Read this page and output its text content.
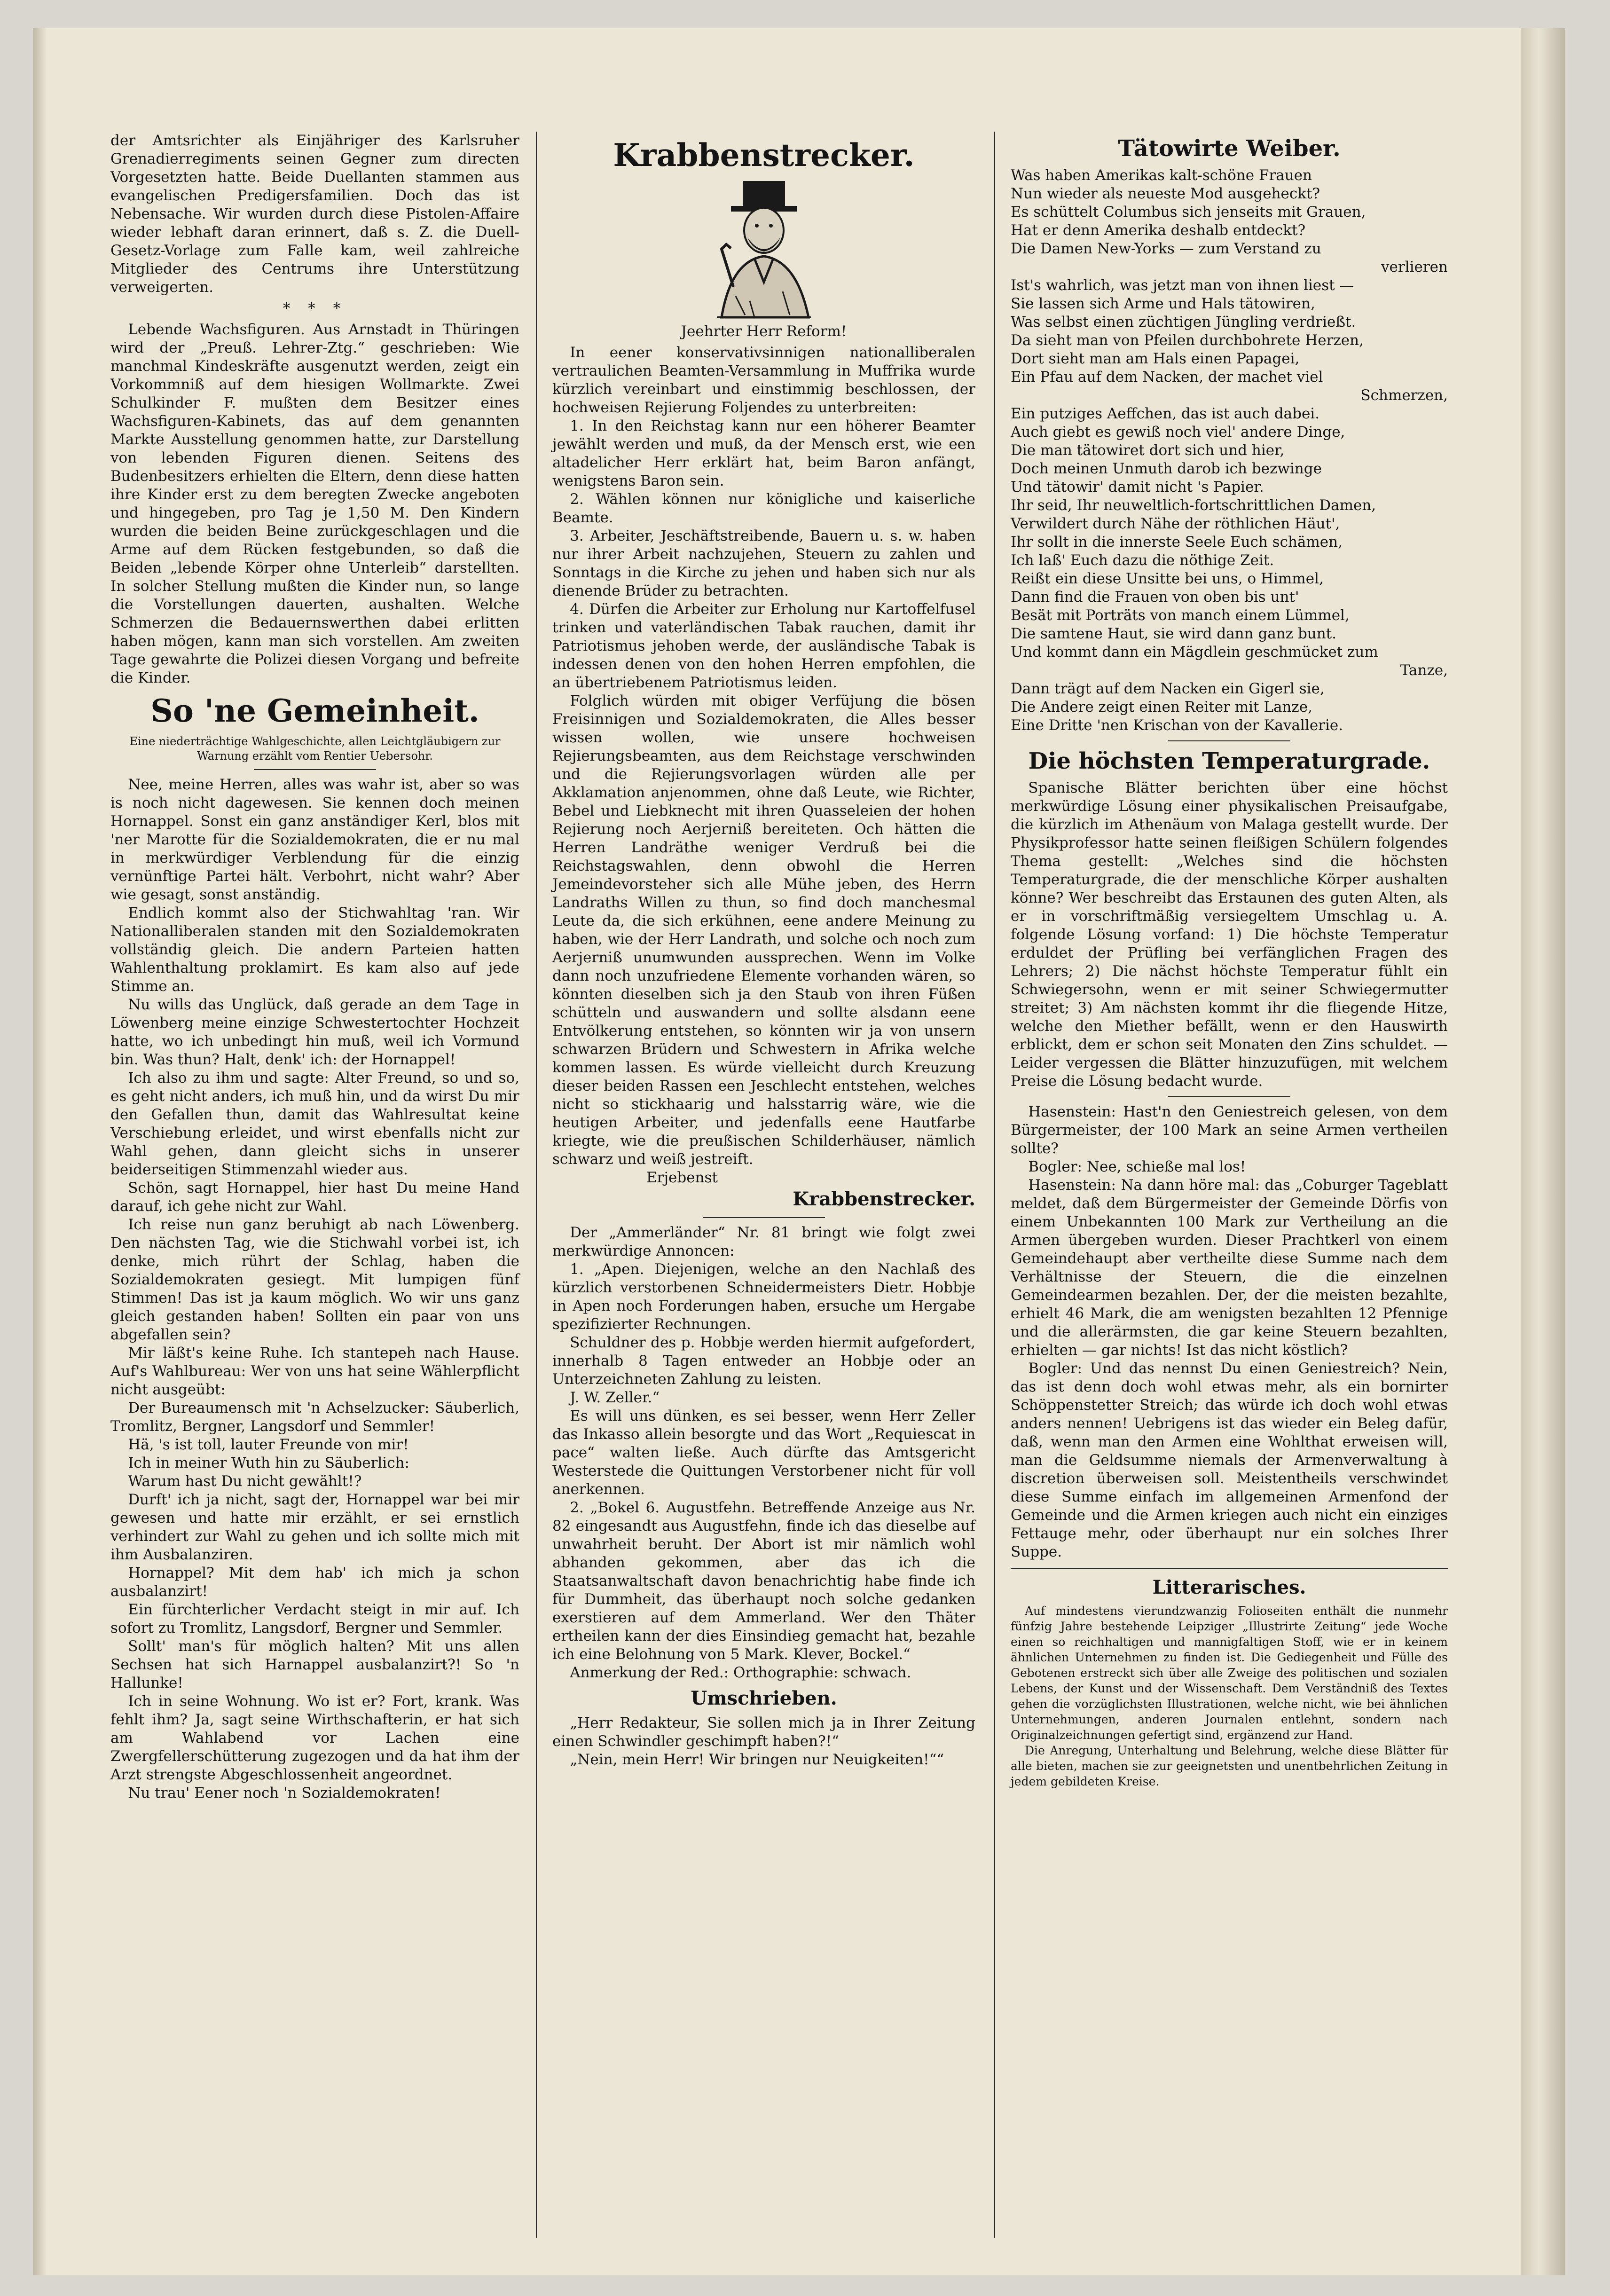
der Amtsrichter als Einjähriger des Karlsruher Grenadierregiments seinen Gegner zum directen Vorgesetzten hatte. Beide Duellanten stammen aus evangelischen Predigersfamilien. Doch das ist Nebensache. Wir wurden durch diese Pistolen-Affaire wieder lebhaft daran erinnert, daß s. Z. die Duell-Gesetz-Vorlage zum Falle kam, weil zahlreiche Mitglieder des Centrums ihre Unterstützung verweigerten.

* * *

Lebende Wachsfiguren. Aus Arnstadt in Thüringen wird der „Preuß. Lehrer-Ztg.“ geschrieben: Wie manchmal Kindeskräfte ausgenutzt werden, zeigt ein Vorkommniß auf dem hiesigen Wollmarkte. Zwei Schulkinder F. mußten dem Besitzer eines Wachsfiguren-Kabinets, das auf dem genannten Markte Ausstellung genommen hatte, zur Darstellung von lebenden Figuren dienen. Seitens des Budenbesitzers erhielten die Eltern, denn diese hatten ihre Kinder erst zu dem beregten Zwecke angeboten und hingegeben, pro Tag je 1,50 M. Den Kindern wurden die beiden Beine zurückgeschlagen und die Arme auf dem Rücken festgebunden, so daß die Beiden „lebende Körper ohne Unterleib“ darstellten. In solcher Stellung mußten die Kinder nun, so lange die Vorstellungen dauerten, aushalten. Welche Schmerzen die Bedauernswerthen dabei erlitten haben mögen, kann man sich vorstellen. Am zweiten Tage gewahrte die Polizei diesen Vorgang und befreite die Kinder.

So 'ne Gemeinheit.
Eine niederträchtige Wahlgeschichte, allen Leichtgläubigern zur Warnung erzählt vom Rentier Uebersohr.

Nee, meine Herren, alles was wahr ist, aber so was is noch nicht dagewesen. Sie kennen doch meinen Hornappel. Sonst ein ganz anständiger Kerl, blos mit 'ner Marotte für die Sozialdemokraten, die er nu mal in merkwürdiger Verblendung für die einzig vernünftige Partei hält. Verbohrt, nicht wahr? Aber wie gesagt, sonst anständig.

Endlich kommt also der Stichwahltag 'ran. Wir Nationalliberalen standen mit den Sozialdemokraten vollständig gleich. Die andern Parteien hatten Wahlenthaltung proklamirt. Es kam also auf jede Stimme an.

Nu wills das Unglück, daß gerade an dem Tage in Löwenberg meine einzige Schwestertochter Hochzeit hatte, wo ich unbedingt hin muß, weil ich Vormund bin. Was thun? Halt, denk' ich: der Hornappel!

Ich also zu ihm und sagte: Alter Freund, so und so, es geht nicht anders, ich muß hin, und da wirst Du mir den Gefallen thun, damit das Wahlresultat keine Verschiebung erleidet, und wirst ebenfalls nicht zur Wahl gehen, dann gleicht sichs in unserer beiderseitigen Stimmenzahl wieder aus.

Schön, sagt Hornappel, hier hast Du meine Hand darauf, ich gehe nicht zur Wahl.

Ich reise nun ganz beruhigt ab nach Löwenberg. Den nächsten Tag, wie die Stichwahl vorbei ist, ich denke, mich rührt der Schlag, haben die Sozialdemokraten gesiegt. Mit lumpigen fünf Stimmen! Das ist ja kaum möglich. Wo wir uns ganz gleich gestanden haben! Sollten ein paar von uns abgefallen sein?

Mir läßt's keine Ruhe. Ich stantepeh nach Hause. Auf's Wahlbureau: Wer von uns hat seine Wählerpflicht nicht ausgeübt:

Der Bureaumensch mit 'n Achselzucker: Säuberlich, Tromlitz, Bergner, Langsdorf und Semmler!

Hä, 's ist toll, lauter Freunde von mir!

Ich in meiner Wuth hin zu Säuberlich:

Warum hast Du nicht gewählt!?

Durft' ich ja nicht, sagt der, Hornappel war bei mir gewesen und hatte mir erzählt, er sei ernstlich verhindert zur Wahl zu gehen und ich sollte mich mit ihm Ausbalanziren.

Hornappel? Mit dem hab' ich mich ja schon ausbalanzirt!

Ein fürchterlicher Verdacht steigt in mir auf. Ich sofort zu Tromlitz, Langsdorf, Bergner und Semmler.

Sollt' man's für möglich halten? Mit uns allen Sechsen hat sich Harnappel ausbalanzirt?! So 'n Hallunke!

Ich in seine Wohnung. Wo ist er? Fort, krank. Was fehlt ihm? Ja, sagt seine Wirthschafterin, er hat sich am Wahlabend vor Lachen eine Zwergfellerschütterung zugezogen und da hat ihm der Arzt strengste Abgeschlossenheit angeordnet.

Nu trau' Eener noch 'n Sozialdemokraten!

Krabbenstrecker.
Jeehrter Herr Reform!

In eener konservativsinnigen nationalliberalen vertraulichen Beamten-Versammlung in Muffrika wurde kürzlich vereinbart und einstimmig beschlossen, der hochweisen Rejierung Foljendes zu unterbreiten:

1. In den Reichstag kann nur een höherer Beamter jewählt werden und muß, da der Mensch erst, wie een altadelicher Herr erklärt hat, beim Baron anfängt, wenigstens Baron sein.

2. Wählen können nur königliche und kaiserliche Beamte.

3. Arbeiter, Jeschäftstreibende, Bauern u. s. w. haben nur ihrer Arbeit nachzujehen, Steuern zu zahlen und Sonntags in die Kirche zu jehen und haben sich nur als dienende Brüder zu betrachten.

4. Dürfen die Arbeiter zur Erholung nur Kartoffelfusel trinken und vaterländischen Tabak rauchen, damit ihr Patriotismus jehoben werde, der ausländische Tabak is indessen denen von den hohen Herren empfohlen, die an übertriebenem Patriotismus leiden.

Folglich würden mit obiger Verfüjung die bösen Freisinnigen und Sozialdemokraten, die Alles besser wissen wollen, wie unsere hochweisen Rejierungsbeamten, aus dem Reichstage verschwinden und die Rejierungsvorlagen würden alle per Akklamation anjenommen, ohne daß Leute, wie Richter, Bebel und Liebknecht mit ihren Quasseleien der hohen Rejierung noch Aerjerniß bereiteten. Och hätten die Herren Landräthe weniger Verdruß bei die Reichstagswahlen, denn obwohl die Herren Jemeindevorsteher sich alle Mühe jeben, des Herrn Landraths Willen zu thun, so find doch manchesmal Leute da, die sich erkühnen, eene andere Meinung zu haben, wie der Herr Landrath, und solche och noch zum Aerjerniß unumwunden aussprechen. Wenn im Volke dann noch unzufriedene Elemente vorhanden wären, so könnten dieselben sich ja den Staub von ihren Füßen schütteln und auswandern und sollte alsdann eene Entvölkerung entstehen, so könnten wir ja von unsern schwarzen Brüdern und Schwestern in Afrika welche kommen lassen. Es würde vielleicht durch Kreuzung dieser beiden Rassen een Jeschlecht entstehen, welches nicht so stickhaarig und halsstarrig wäre, wie die heutigen Arbeiter, und jedenfalls eene Hautfarbe kriegte, wie die preußischen Schilderhäuser, nämlich schwarz und weiß jestreift.

Erjebenst

Krabbenstrecker.

Der „Ammerländer“ Nr. 81 bringt wie folgt zwei merkwürdige Annoncen:

1. „Apen. Diejenigen, welche an den Nachlaß des kürzlich verstorbenen Schneidermeisters Dietr. Hobbje in Apen noch Forderungen haben, ersuche um Hergabe spezifizierter Rechnungen.

Schuldner des p. Hobbje werden hiermit aufgefordert, innerhalb 8 Tagen entweder an Hobbje oder an Unterzeichneten Zahlung zu leisten.

J. W. Zeller.“

Es will uns dünken, es sei besser, wenn Herr Zeller das Inkasso allein besorgte und das Wort „Requiescat in pace“ walten ließe. Auch dürfte das Amtsgericht Westerstede die Quittungen Verstorbener nicht für voll anerkennen.

2. „Bokel 6. Augustfehn. Betreffende Anzeige aus Nr. 82 eingesandt aus Augustfehn, finde ich das dieselbe auf unwahrheit beruht. Der Abort ist mir nämlich wohl abhanden gekommen, aber das ich die Staatsanwaltschaft davon benachrichtig habe finde ich für Dummheit, das überhaupt noch solche gedanken exerstieren auf dem Ammerland. Wer den Thäter ertheilen kann der dies Einsindieg gemacht hat, bezahle ich eine Belohnung von 5 Mark. Klever, Bockel.“

Anmerkung der Red.: Orthographie: schwach.

Umschrieben.

„Herr Redakteur, Sie sollen mich ja in Ihrer Zeitung einen Schwindler geschimpft haben?!“

„Nein, mein Herr! Wir bringen nur Neuigkeiten!““

Tätowirte Weiber.
Was haben Amerikas kalt-schöne Frauen
Nun wieder als neueste Mod ausgeheckt?
Es schüttelt Columbus sich jenseits mit Grauen,
Hat er denn Amerika deshalb entdeckt?
Die Damen New-Yorks — zum Verstand zu
verlieren
Ist's wahrlich, was jetzt man von ihnen liest —
Sie lassen sich Arme und Hals tätowiren,
Was selbst einen züchtigen Jüngling verdrießt.
Da sieht man von Pfeilen durchbohrete Herzen,
Dort sieht man am Hals einen Papagei,
Ein Pfau auf dem Nacken, der machet viel
Schmerzen,
Ein putziges Aeffchen, das ist auch dabei.
Auch giebt es gewiß noch viel' andere Dinge,
Die man tätowiret dort sich und hier,
Doch meinen Unmuth darob ich bezwinge
Und tätowir' damit nicht 's Papier.
Ihr seid, Ihr neuweltlich-fortschrittlichen Damen,
Verwildert durch Nähe der röthlichen Häut',
Ihr sollt in die innerste Seele Euch schämen,
Ich laß' Euch dazu die nöthige Zeit.
Reißt ein diese Unsitte bei uns, o Himmel,
Dann find die Frauen von oben bis unt'
Besät mit Porträts von manch einem Lümmel,
Die samtene Haut, sie wird dann ganz bunt.
Und kommt dann ein Mägdlein geschmücket zum
Tanze,
Dann trägt auf dem Nacken ein Gigerl sie,
Die Andere zeigt einen Reiter mit Lanze,
Eine Dritte 'nen Krischan von der Kavallerie.
Die höchsten Temperaturgrade.

Spanische Blätter berichten über eine höchst merkwürdige Lösung einer physikalischen Preisaufgabe, die kürzlich im Athenäum von Malaga gestellt wurde. Der Physikprofessor hatte seinen fleißigen Schülern folgendes Thema gestellt: „Welches sind die höchsten Temperaturgrade, die der menschliche Körper aushalten könne? Wer beschreibt das Erstaunen des guten Alten, als er in vorschriftmäßig versiegeltem Umschlag u. A. folgende Lösung vorfand: 1) Die höchste Temperatur erduldet der Prüfling bei verfänglichen Fragen des Lehrers; 2) Die nächst höchste Temperatur fühlt ein Schwiegersohn, wenn er mit seiner Schwiegermutter streitet; 3) Am nächsten kommt ihr die fliegende Hitze, welche den Miether befällt, wenn er den Hauswirth erblickt, dem er schon seit Monaten den Zins schuldet. — Leider vergessen die Blätter hinzuzufügen, mit welchem Preise die Lösung bedacht wurde.

Hasenstein: Hast'n den Geniestreich gelesen, von dem Bürgermeister, der 100 Mark an seine Armen vertheilen sollte?

Bogler: Nee, schieße mal los!

Hasenstein: Na dann höre mal: das „Coburger Tageblatt meldet, daß dem Bürgermeister der Gemeinde Dörfis von einem Unbekannten 100 Mark zur Vertheilung an die Armen übergeben wurden. Dieser Prachtkerl von einem Gemeindehaupt aber vertheilte diese Summe nach dem Verhältnisse der Steuern, die die einzelnen Gemeindearmen bezahlen. Der, der die meisten bezahlte, erhielt 46 Mark, die am wenigsten bezahlten 12 Pfennige und die allerärmsten, die gar keine Steuern bezahlten, erhielten — gar nichts! Ist das nicht köstlich?

Bogler: Und das nennst Du einen Geniestreich? Nein, das ist denn doch wohl etwas mehr, als ein bornirter Schöppenstetter Streich; das würde ich doch wohl etwas anders nennen! Uebrigens ist das wieder ein Beleg dafür, daß, wenn man den Armen eine Wohlthat erweisen will, man die Geldsumme niemals der Armenverwaltung à discretion überweisen soll. Meistentheils verschwindet diese Summe einfach im allgemeinen Armenfond der Gemeinde und die Armen kriegen auch nicht ein einziges Fettauge mehr, oder überhaupt nur ein solches Ihrer Suppe.

Litterarisches.

Auf mindestens vierundzwanzig Folioseiten enthält die nunmehr fünfzig Jahre bestehende Leipziger „Illustrirte Zeitung“ jede Woche einen so reichhaltigen und mannigfaltigen Stoff, wie er in keinem ähnlichen Unternehmen zu finden ist. Die Gediegenheit und Fülle des Gebotenen erstreckt sich über alle Zweige des politischen und sozialen Lebens, der Kunst und der Wissenschaft. Dem Verständniß des Textes gehen die vorzüglichsten Illustrationen, welche nicht, wie bei ähnlichen Unternehmungen, anderen Journalen entlehnt, sondern nach Originalzeichnungen gefertigt sind, ergänzend zur Hand.

Die Anregung, Unterhaltung und Belehrung, welche diese Blätter für alle bieten, machen sie zur geeignetsten und unentbehrlichen Zeitung in jedem gebildeten Kreise.
